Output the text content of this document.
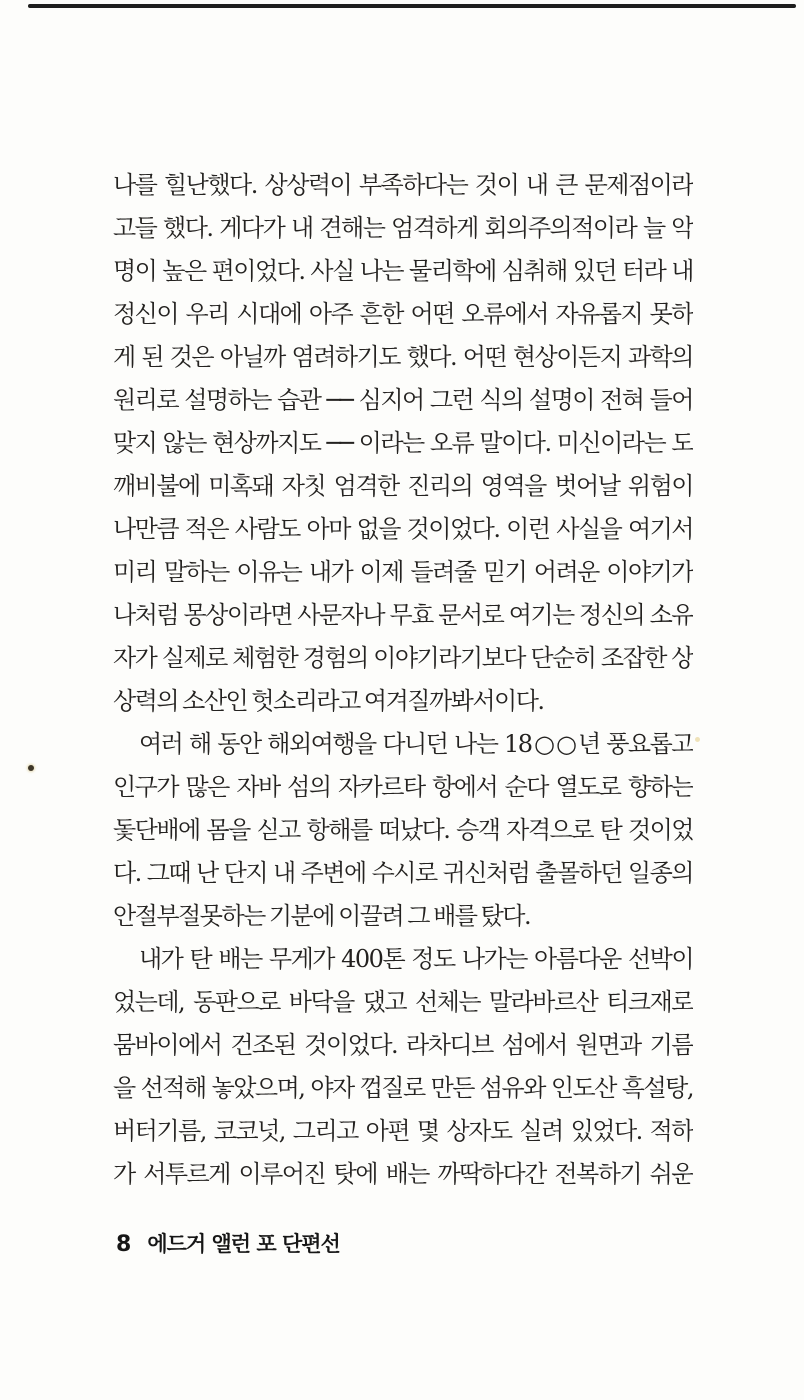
나를 힐난했다. 상상력이 부족하다는 것이 내 큰 문제점이라
고들 했다. 게다가 내 견해는 엄격하게 회의주의적이라 늘 악
명이 높은 편이었다. 사실 나는 물리학에 심취해 있던 터라 내
정신이 우리 시대에 아주 흔한 어떤 오류에서 자유롭지 못하
게 된 것은 아닐까 염려하기도 했다. 어떤 현상이든지 과학의
원리로 설명하는 습관 ── 심지어 그런 식의 설명이 전혀 들어
맞지 않는 현상까지도 ── 이라는 오류 말이다. 미신이라는 도
깨비불에 미혹돼 자칫 엄격한 진리의 영역을 벗어날 위험이
나만큼 적은 사람도 아마 없을 것이었다. 이런 사실을 여기서
미리 말하는 이유는 내가 이제 들려줄 믿기 어려운 이야기가
나처럼 몽상이라면 사문자나 무효 문서로 여기는 정신의 소유
자가 실제로 체험한 경험의 이야기라기보다 단순히 조잡한 상
상력의 소산인 헛소리라고 여겨질까봐서이다.
여러 해 동안 해외여행을 다니던 나는 18○○년 풍요롭고
인구가 많은 자바 섬의 자카르타 항에서 순다 열도로 향하는
돛단배에 몸을 싣고 항해를 떠났다. 승객 자격으로 탄 것이었
다. 그때 난 단지 내 주변에 수시로 귀신처럼 출몰하던 일종의
안절부절못하는 기분에 이끌려 그 배를 탔다.
내가 탄 배는 무게가 400톤 정도 나가는 아름다운 선박이
었는데, 동판으로 바닥을 댔고 선체는 말라바르산 티크재로
뭄바이에서 건조된 것이었다. 라차디브 섬에서 원면과 기름
을 선적해 놓았으며, 야자 껍질로 만든 섬유와 인도산 흑설탕,
버터기름, 코코넛, 그리고 아편 몇 상자도 실려 있었다. 적하
가 서투르게 이루어진 탓에 배는 까딱하다간 전복하기 쉬운
8 에드거 앨런 포 단편선
